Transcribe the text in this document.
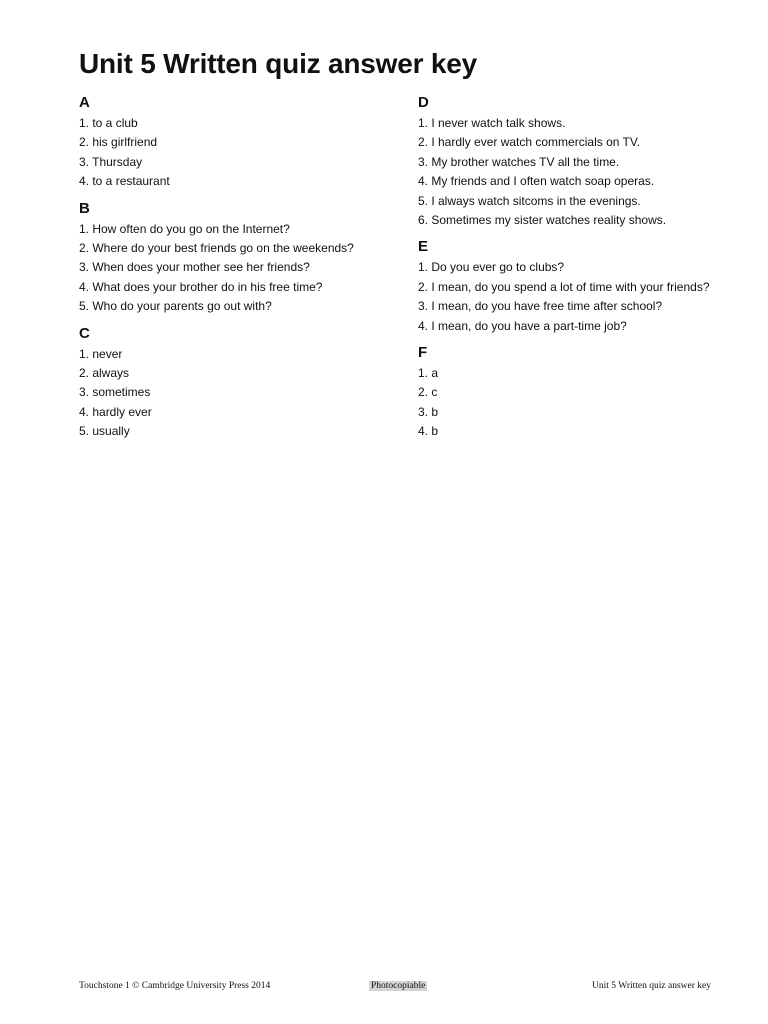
Unit 5 Written quiz answer key
A
1. to a club
2. his girlfriend
3. Thursday
4. to a restaurant
B
1. How often do you go on the Internet?
2. Where do your best friends go on the weekends?
3. When does your mother see her friends?
4. What does your brother do in his free time?
5. Who do your parents go out with?
C
1. never
2. always
3. sometimes
4. hardly ever
5. usually
D
1. I never watch talk shows.
2. I hardly ever watch commercials on TV.
3. My brother watches TV all the time.
4. My friends and I often watch soap operas.
5. I always watch sitcoms in the evenings.
6. Sometimes my sister watches reality shows.
E
1. Do you ever go to clubs?
2. I mean, do you spend a lot of time with your friends?
3. I mean, do you have free time after school?
4. I mean, do you have a part-time job?
F
1. a
2. c
3. b
4. b
Touchstone 1 © Cambridge University Press 2014	Photocopiable	Unit 5 Written quiz answer key
